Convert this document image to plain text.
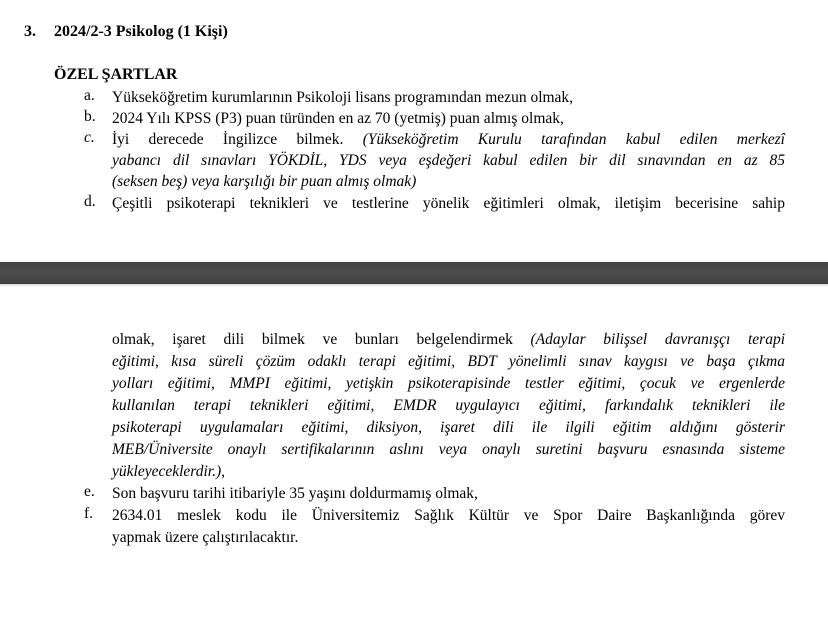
3. 2024/2-3 Psikolog (1 Kişi)
ÖZEL ŞARTLAR
a.	Yükseköğretim kurumlarının Psikoloji lisans programından mezun olmak,
b.	2024 Yılı KPSS (P3) puan türünden en az 70 (yetmiş) puan almış olmak,
c.	İyi derecede İngilizce bilmek. (Yükseköğretim Kurulu tarafından kabul edilen merkezî
yabancı dil sınavları YÖKDİL, YDS veya eşdeğeri kabul edilen bir dil sınavından en az 85
(seksen beş) veya karşılığı bir puan almış olmak)
d.	Çeşitli psikoterapi teknikleri ve testlerine yönelik eğitimleri olmak, iletişim becerisine sahip
olmak, işaret dili bilmek ve bunları belgelendirmek (Adaylar bilişsel davranışçı terapi
eğitimi, kısa süreli çözüm odaklı terapi eğitimi, BDT yönelimli sınav kaygısı ve başa çıkma
yolları eğitimi, MMPI eğitimi, yetişkin psikoterapisinde testler eğitimi, çocuk ve ergenlerde
kullanılan terapi teknikleri eğitimi, EMDR uygulayıcı eğitimi, farkındalık teknikleri ile
psikoterapi uygulamaları eğitimi, diksiyon, işaret dili ile ilgili eğitim aldığını gösterir
MEB/Üniversite onaylı sertifikalarının aslını veya onaylı suretini başvuru esnasında sisteme
yükleyeceklerdir.),
e.	Son başvuru tarihi itibariyle 35 yaşını doldurmamış olmak,
f.	2634.01 meslek kodu ile Üniversitemiz Sağlık Kültür ve Spor Daire Başkanlığında görev
yapmak üzere çalıştırılacaktır.
